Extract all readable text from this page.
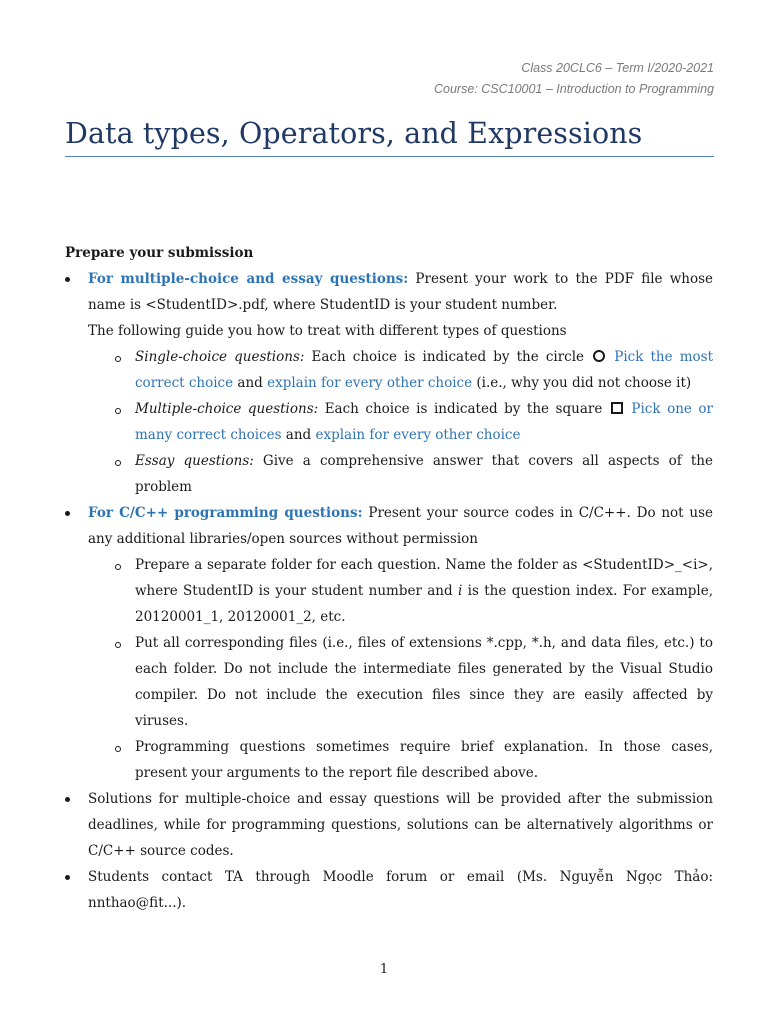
Class 20CLC6 – Term I/2020-2021
Course: CSC10001 – Introduction to Programming
Data types, Operators, and Expressions

Prepare your submission

For multiple-choice and essay questions: Present your work to the PDF file whose name is <StudentID>.pdf, where StudentID is your student number.
The following guide you how to treat with different types of questions
Single-choice questions: Each choice is indicated by the circle  Pick the most correct choice and explain for every other choice (i.e., why you did not choose it)
Multiple-choice questions: Each choice is indicated by the square  Pick one or many correct choices and explain for every other choice
Essay questions: Give a comprehensive answer that covers all aspects of the problem
For C/C++ programming questions: Present your source codes in C/C++. Do not use any additional libraries/open sources without permission
Prepare a separate folder for each question. Name the folder as <StudentID>_<i>, where StudentID is your student number and i is the question index. For example, 20120001_1, 20120001_2, etc.
Put all corresponding files (i.e., files of extensions *.cpp, *.h, and data files, etc.) to each folder. Do not include the intermediate files generated by the Visual Studio compiler. Do not include the execution files since they are easily affected by viruses.
Programming questions sometimes require brief explanation. In those cases, present your arguments to the report file described above.
Solutions for multiple-choice and essay questions will be provided after the submission deadlines, while for programming questions, solutions can be alternatively algorithms or C/C++ source codes.
Students contact TA through Moodle forum or email (Ms. Nguyễn Ngọc Thảo: nnthao@fit...).
1
